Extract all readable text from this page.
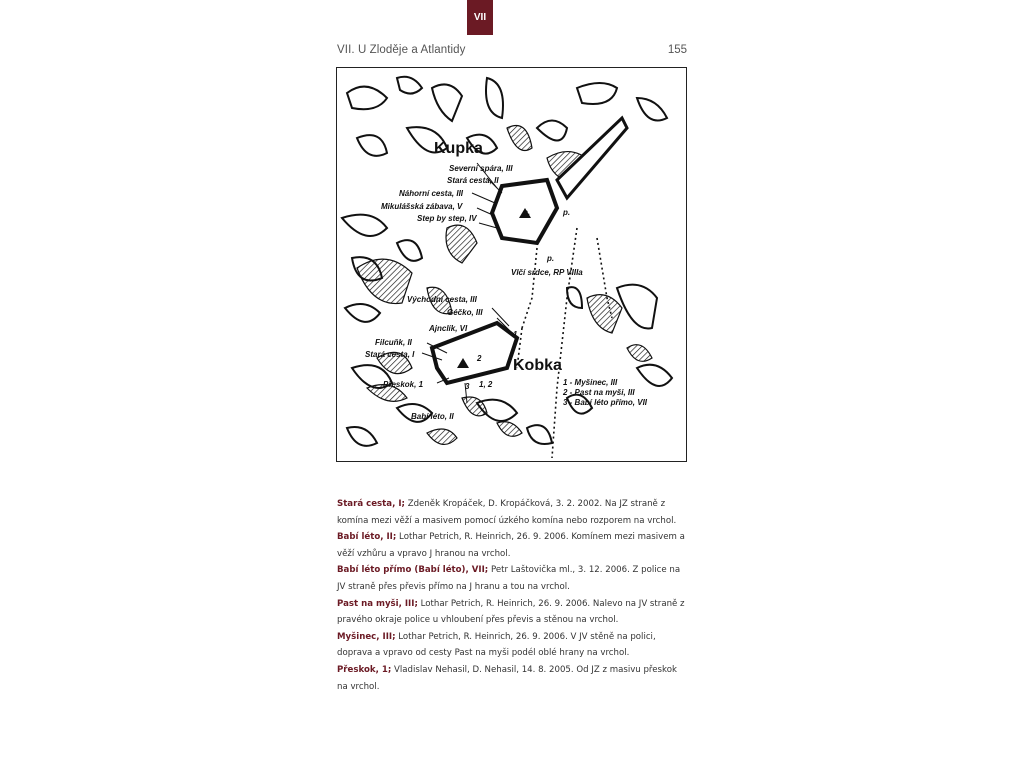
VII
VII. U Zloděje a Atlantidy	155
Kupka
Kobka
Severní spára, III
Stará cesta, II
Náhorní cesta, III
Mikulášská zábava, V
Step by step, IV
Vlčí srdce, RP VIIIa
p.
p.
p.
Východní cesta, III
Géčko, III
Ajnclík, VI
Filcuňk, II
Stará cesta, I
Přeskok, 1
Babí léto, II
1
2
3 1, 2	1 - Myšinec, III
2 - Past na myši, III
3 - Babí léto přímo, VII

Stará cesta, I; Zdeněk Kropáček, D. Kropáčková, 3. 2. 2002. Na JZ straně z komína mezi věží a masivem pomocí úzkého komína nebo rozporem na vrchol.

Babí léto, II; Lothar Petrich, R. Heinrich, 26. 9. 2006. Komínem mezi masivem a věží vzhůru a vpravo J hranou na vrchol.

Babí léto přímo (Babí léto), VII; Petr Laštovička ml., 3. 12. 2006. Z police na JV straně přes převis přímo na J hranu a tou na vrchol.

Past na myši, III; Lothar Petrich, R. Heinrich, 26. 9. 2006. Nalevo na JV straně z pravého okraje police u vhloubení přes převis a stěnou na vrchol.

Myšinec, III; Lothar Petrich, R. Heinrich, 26. 9. 2006. V JV stěně na polici, doprava a vpravo od cesty Past na myši podél oblé hrany na vrchol.

Přeskok, 1; Vladislav Nehasil, D. Nehasil, 14. 8. 2005. Od JZ z masivu přeskok na vrchol.
